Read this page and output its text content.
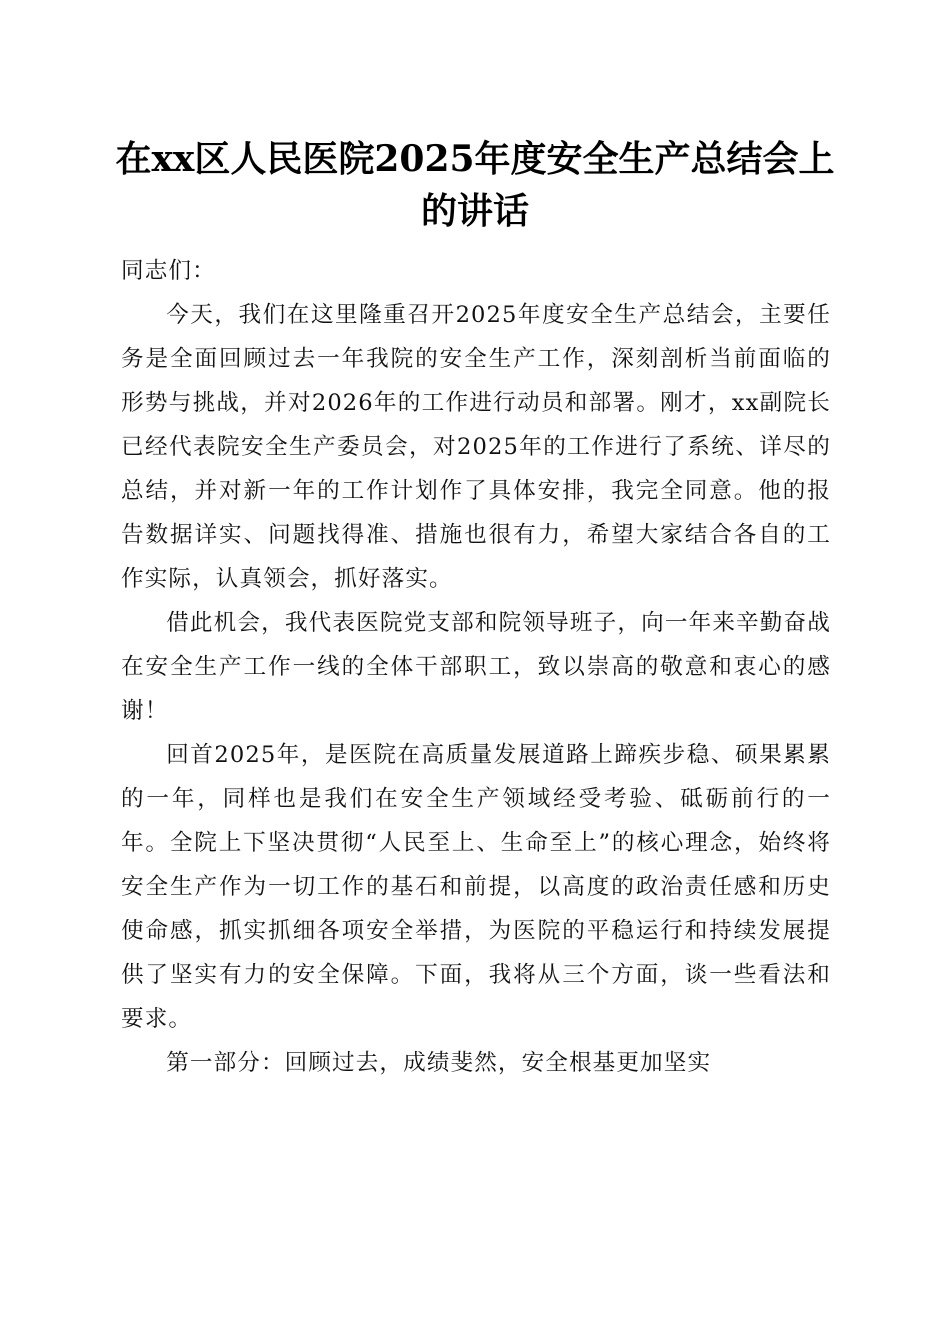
在xx区人民医院2025年度安全生产总结会上的讲话

同志们：

今天，我们在这里隆重召开2025年度安全生产总结会，主要任务是全面回顾过去一年我院的安全生产工作，深刻剖析当前面临的形势与挑战，并对2026年的工作进行动员和部署。刚才，xx副院长已经代表院安全生产委员会，对2025年的工作进行了系统、详尽的总结，并对新一年的工作计划作了具体安排，我完全同意。他的报告数据详实、问题找得准、措施也很有力，希望大家结合各自的工作实际，认真领会，抓好落实。

借此机会，我代表医院党支部和院领导班子，向一年来辛勤奋战在安全生产工作一线的全体干部职工，致以崇高的敬意和衷心的感谢！

回首2025年，是医院在高质量发展道路上蹄疾步稳、硕果累累的一年，同样也是我们在安全生产领域经受考验、砥砺前行的一年。全院上下坚决贯彻“人民至上、生命至上”的核心理念，始终将安全生产作为一切工作的基石和前提，以高度的政治责任感和历史使命感，抓实抓细各项安全举措，为医院的平稳运行和持续发展提供了坚实有力的安全保障。下面，我将从三个方面，谈一些看法和要求。

第一部分：回顾过去，成绩斐然，安全根基更加坚实
